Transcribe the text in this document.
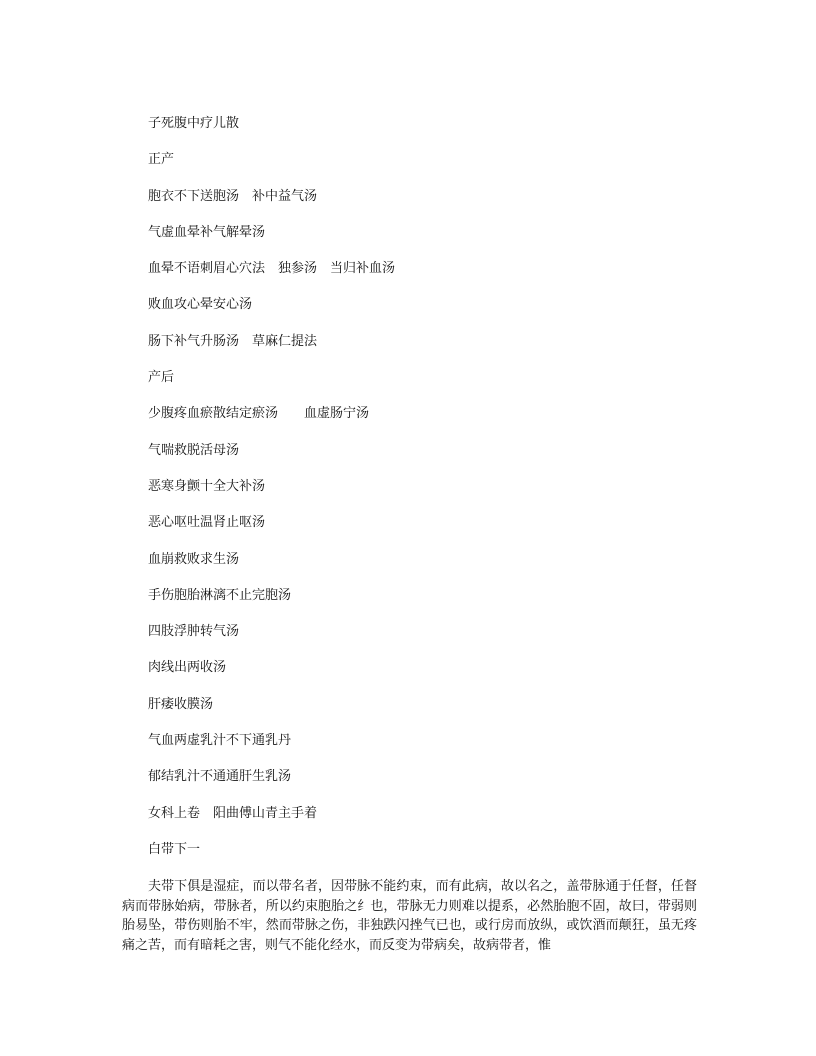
子死腹中疗儿散
正产
胞衣不下送胞汤　补中益气汤
气虚血晕补气解晕汤
血晕不语刺眉心穴法　独参汤　当归补血汤
败血攻心晕安心汤
肠下补气升肠汤　草麻仁提法
产后
少腹疼血瘀散结定瘀汤　　血虚肠宁汤
气喘救脱活母汤
恶寒身颤十全大补汤
恶心呕吐温肾止呕汤
血崩救败求生汤
手伤胞胎淋漓不止完胞汤
四肢浮肿转气汤
肉线出两收汤
肝痿收膜汤
气血两虚乳汁不下通乳丹
郁结乳汁不通通肝生乳汤
女科上卷　阳曲傅山青主手着
白带下一

夫带下俱是湿症，而以带名者，因带脉不能约束，而有此病，故以名之，盖带脉通于任督，任督病而带脉始病，带脉者，所以约束胞胎之纟也，带脉无力则难以提系，必然胎胞不固，故曰，带弱则胎易坠，带伤则胎不牢，然而带脉之伤，非独跌闪挫气已也，或行房而放纵，或饮酒而颠狂，虽无疼痛之苦，而有暗耗之害，则气不能化经水，而反变为带病矣，故病带者，惟
